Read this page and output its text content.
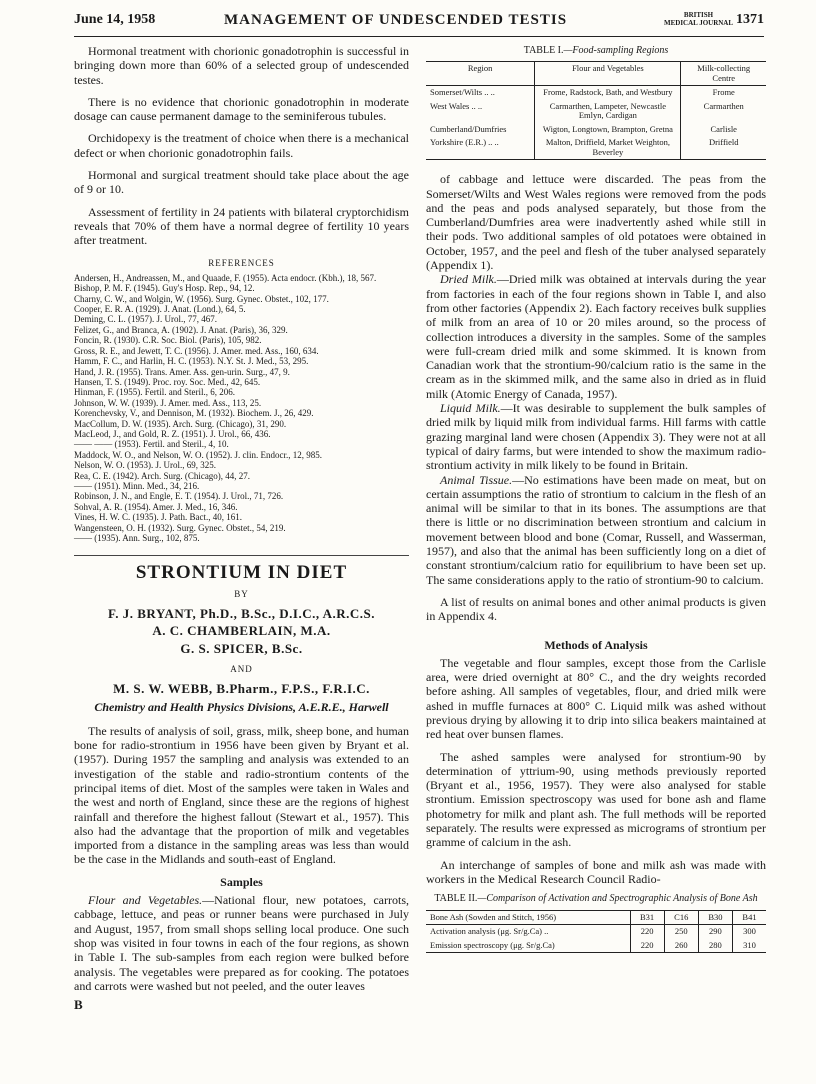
June 14, 1958	MANAGEMENT OF UNDESCENDED TESTIS	BRITISH
MEDICAL JOURNAL 1371

Hormonal treatment with chorionic gonadotrophin is successful in bringing down more than 60% of a selected group of undescended testes.

There is no evidence that chorionic gonadotrophin in moderate dosage can cause permanent damage to the seminiferous tubules.

Orchidopexy is the treatment of choice when there is a mechanical defect or when chorionic gonadotrophin fails.

Hormonal and surgical treatment should take place about the age of 9 or 10.

Assessment of fertility in 24 patients with bilateral cryptorchidism reveals that 70% of them have a normal degree of fertility 10 years after treatment.

REFERENCES

Andersen, H., Andreassen, M., and Quaade, F. (1955). Acta endocr. (Kbh.), 18, 567.

Bishop, P. M. F. (1945). Guy's Hosp. Rep., 94, 12.

Charny, C. W., and Wolgin, W. (1956). Surg. Gynec. Obstet., 102, 177.

Cooper, E. R. A. (1929). J. Anat. (Lond.), 64, 5.

Deming, C. L. (1957). J. Urol., 77, 467.

Felizet, G., and Branca, A. (1902). J. Anat. (Paris), 36, 329.

Foncin, R. (1930). C.R. Soc. Biol. (Paris), 105, 982.

Gross, R. E., and Jewett, T. C. (1956). J. Amer. med. Ass., 160, 634.

Hamm, F. C., and Harlin, H. C. (1953). N.Y. St. J. Med., 53, 295.

Hand, J. R. (1955). Trans. Amer. Ass. gen-urin. Surg., 47, 9.

Hansen, T. S. (1949). Proc. roy. Soc. Med., 42, 645.

Hinman, F. (1955). Fertil. and Steril., 6, 206.

Johnson, W. W. (1939). J. Amer. med. Ass., 113, 25.

Korenchevsky, V., and Dennison, M. (1932). Biochem. J., 26, 429.

MacCollum, D. W. (1935). Arch. Surg. (Chicago), 31, 290.

MacLeod, J., and Gold, R. Z. (1951). J. Urol., 66, 436.

—— —— (1953). Fertil. and Steril., 4, 10.

Maddock, W. O., and Nelson, W. O. (1952). J. clin. Endocr., 12, 985.

Nelson, W. O. (1953). J. Urol., 69, 325.

Rea, C. E. (1942). Arch. Surg. (Chicago), 44, 27.

—— (1951). Minn. Med., 34, 216.

Robinson, J. N., and Engle, E. T. (1954). J. Urol., 71, 726.

Sohval, A. R. (1954). Amer. J. Med., 16, 346.

Vines, H. W. C. (1935). J. Path. Bact., 40, 161.

Wangensteen, O. H. (1932). Surg. Gynec. Obstet., 54, 219.

—— (1935). Ann. Surg., 102, 875.

STRONTIUM IN DIET
BY
F. J. BRYANT, Ph.D., B.Sc., D.I.C., A.R.C.S.
A. C. CHAMBERLAIN, M.A.
G. S. SPICER, B.Sc.
AND
M. S. W. WEBB, B.Pharm., F.P.S., F.R.I.C.
Chemistry and Health Physics Divisions, A.E.R.E., Harwell

The results of analysis of soil, grass, milk, sheep bone, and human bone for radio-strontium in 1956 have been given by Bryant et al. (1957). During 1957 the sampling and analysis was extended to an investigation of the stable and radio-strontium contents of the principal items of diet. Most of the samples were taken in Wales and the west and north of England, since these are the regions of highest rainfall and therefore the highest fallout (Stewart et al., 1957). This also had the advantage that the proportion of milk and vegetables imported from a distance in the sampling areas was less than would be the case in the Midlands and south-east of England.

Samples

Flour and Vegetables.—National flour, new potatoes, carrots, cabbage, lettuce, and peas or runner beans were purchased in July and August, 1957, from small shops selling local produce. One such shop was visited in four towns in each of the four regions, as shown in Table I. The sub-samples from each region were bulked before analysis. The vegetables were prepared as for cooking. The potatoes and carrots were washed but not peeled, and the outer leaves

B
TABLE I.—Food-sampling Regions
Region	Flour and Vegetables	Milk-collecting Centre
Somerset/Wilts .. ..	Frome, Radstock, Bath, and Westbury	Frome
West Wales .. ..	Carmarthen, Lampeter, Newcastle Emlyn, Cardigan	Carmarthen
Cumberland/Dumfries	Wigton, Longtown, Brampton, Gretna	Carlisle
Yorkshire (E.R.) .. ..	Malton, Driffield, Market Weighton, Beverley	Driffield

of cabbage and lettuce were discarded. The peas from the Somerset/Wilts and West Wales regions were removed from the pods and the peas and pods analysed separately, but those from the Cumberland/Dumfries area were inadvertently ashed while still in their pods. Two additional samples of old potatoes were obtained in October, 1957, and the peel and flesh of the tuber analysed separately (Appendix 1).

Dried Milk.—Dried milk was obtained at intervals during the year from factories in each of the four regions shown in Table I, and also from other factories (Appendix 2). Each factory receives bulk supplies of milk from an area of 10 or 20 miles around, so the process of collection introduces a diversity in the samples. Some of the samples were full-cream dried milk and some skimmed. It is known from Canadian work that the strontium-90/calcium ratio is the same in the cream as in the skimmed milk, and the same also in dried as in fluid milk (Atomic Energy of Canada, 1957).

Liquid Milk.—It was desirable to supplement the bulk samples of dried milk by liquid milk from individual farms. Hill farms with cattle grazing marginal land were chosen (Appendix 3). They were not at all typical of dairy farms, but were intended to show the maximum radio-strontium activity in milk likely to be found in Britain.

Animal Tissue.—No estimations have been made on meat, but on certain assumptions the ratio of strontium to calcium in the flesh of an animal will be similar to that in its bones. The assumptions are that there is little or no discrimination between strontium and calcium in movement between blood and bone (Comar, Russell, and Wasserman, 1957), and also that the animal has been sufficiently long on a diet of constant strontium/calcium ratio for equilibrium to have been set up. The same considerations apply to the ratio of strontium-90 to calcium.

A list of results on animal bones and other animal products is given in Appendix 4.

Methods of Analysis

The vegetable and flour samples, except those from the Carlisle area, were dried overnight at 80° C., and the dry weights recorded before ashing. All samples of vegetables, flour, and dried milk were ashed in muffle furnaces at 800° C. Liquid milk was ashed without previous drying by allowing it to drip into silica beakers maintained at red heat over bunsen flames.

The ashed samples were analysed for strontium-90 by determination of yttrium-90, using methods previously reported (Bryant et al., 1956, 1957). They were also analysed for stable strontium. Emission spectroscopy was used for bone ash and flame photometry for milk and plant ash. The full methods will be reported separately. The results were expressed as micrograms of strontium per gramme of calcium in the ash.

An interchange of samples of bone and milk ash was made with workers in the Medical Research Council Radio-

TABLE II.—Comparison of Activation and Spectrographic Analysis of Bone Ash
Bone Ash (Sowden and Stitch, 1956)	B31	C16	B30	B41
Activation analysis (μg. Sr/g.Ca) ..	220	250	290	300
Emission spectroscopy (μg. Sr/g.Ca)	220	260	280	310
